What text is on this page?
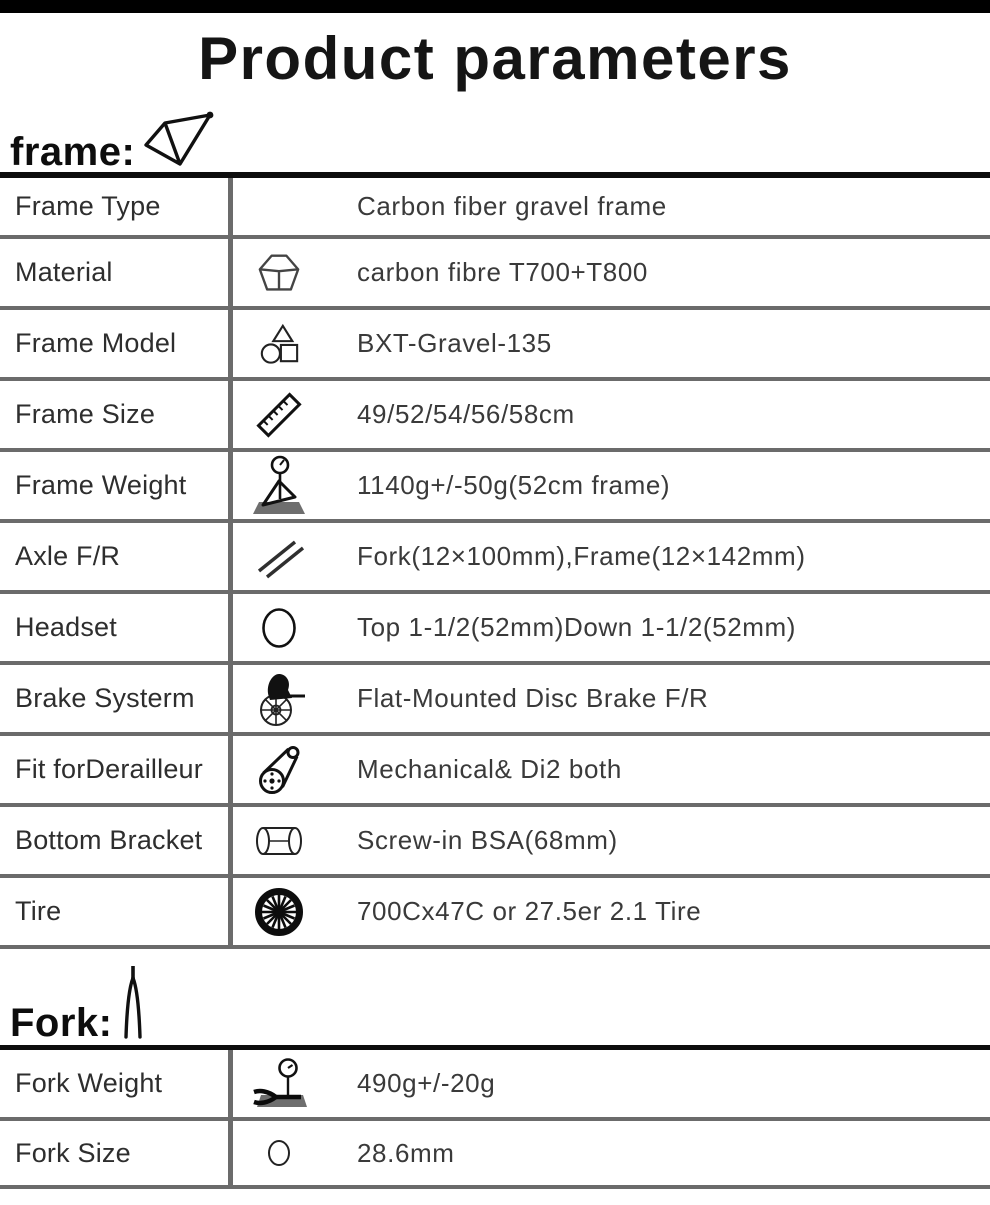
Product parameters
frame:
Frame Type	Carbon fiber gravel frame
Material	carbon fibre T700+T800
Frame Model	BXT-Gravel-135
Frame Size	49/52/54/56/58cm
Frame Weight	1140g+/-50g(52cm frame)
Axle F/R	Fork(12×100mm),Frame(12×142mm)
Headset	Top 1-1/2(52mm)Down 1-1/2(52mm)
Brake Systerm	Flat-Mounted Disc Brake F/R
Fit forDerailleur	Mechanical& Di2 both
Bottom Bracket	Screw-in BSA(68mm)
Tire	700Cx47C or 27.5er 2.1 Tire
Fork:
Fork Weight	490g+/-20g
Fork Size	28.6mm
